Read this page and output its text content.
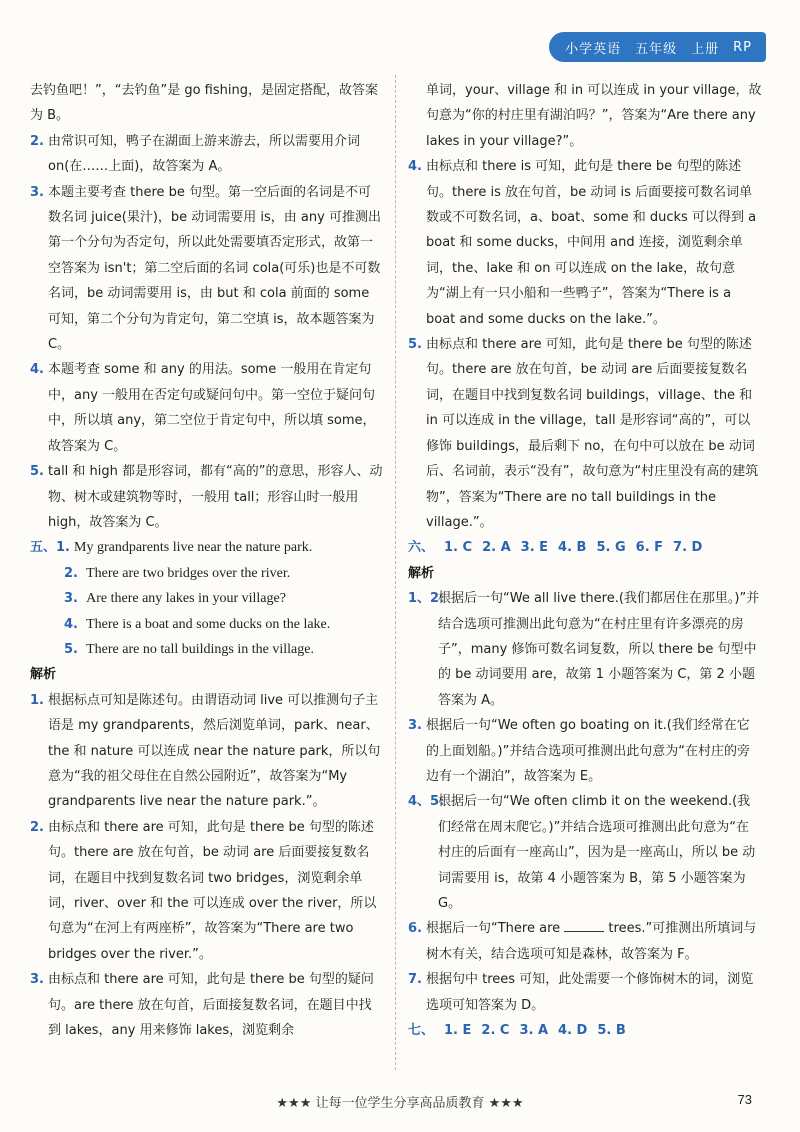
小学英语 五年级 上册 RP
去钓鱼吧！”，“去钓鱼”是 go fishing，是固定搭配，故答案为 B。
2. 由常识可知，鸭子在湖面上游来游去，所以需要用介词 on(在……上面)，故答案为 A。
3. 本题主要考查 there be 句型。第一空后面的名词是不可数名词 juice(果汁)，be 动词需要用 is，由 any 可推测出第一个分句为否定句，所以此处需要填否定形式，故第一空答案为 isn't；第二空后面的名词 cola(可乐)也是不可数名词，be 动词需要用 is，由 but 和 cola 前面的 some 可知，第二个分句为肯定句，第二空填 is，故本题答案为 C。
4. 本题考查 some 和 any 的用法。some 一般用在肯定句中，any 一般用在否定句或疑问句中。第一空位于疑问句中，所以填 any，第二空位于肯定句中，所以填 some，故答案为 C。
5. tall 和 high 都是形容词，都有“高的”的意思，形容人、动物、树木或建筑物等时，一般用 tall；形容山时一般用 high，故答案为 C。
五、 1. My grandparents live near the nature park.
2. There are two bridges over the river.
3. Are there any lakes in your village?
4. There is a boat and some ducks on the lake.
5. There are no tall buildings in the village.
解析
1. 根据标点可知是陈述句。由谓语动词 live 可以推测句子主语是 my grandparents，然后浏览单词，park、near、the 和 nature 可以连成 near the nature park，所以句意为“我的祖父母住在自然公园附近”，故答案为“My grandparents live near the nature park.”。
2. 由标点和 there are 可知，此句是 there be 句型的陈述句。there are 放在句首，be 动词 are 后面要接复数名词，在题目中找到复数名词 two bridges，浏览剩余单词，river、over 和 the 可以连成 over the river，所以句意为“在河上有两座桥”，故答案为“There are two bridges over the river.”。
3. 由标点和 there are 可知，此句是 there be 句型的疑问句。are there 放在句首，后面接复数名词，在题目中找到 lakes，any 用来修饰 lakes，浏览剩余
单词，your、village 和 in 可以连成 in your village，故句意为“你的村庄里有湖泊吗？”，答案为“Are there any lakes in your village?”。
4. 由标点和 there is 可知，此句是 there be 句型的陈述句。there is 放在句首，be 动词 is 后面要接可数名词单数或不可数名词，a、boat、some 和 ducks 可以得到 a boat 和 some ducks，中间用 and 连接，浏览剩余单词，the、lake 和 on 可以连成 on the lake，故句意为“湖上有一只小船和一些鸭子”，答案为“There is a boat and some ducks on the lake.”。
5. 由标点和 there are 可知，此句是 there be 句型的陈述句。there are 放在句首，be 动词 are 后面要接复数名词，在题目中找到复数名词 buildings，village、the 和 in 可以连成 in the village，tall 是形容词“高的”，可以修饰 buildings，最后剩下 no，在句中可以放在 be 动词后、名词前，表示“没有”，故句意为“村庄里没有高的建筑物”，答案为“There are no tall buildings in the village.”。
六、 1. C 2. A 3. E 4. B 5. G 6. F 7. D
解析
1、2.
根据后一句“We all live there.(我们都居住在那里。)”并结合选项可推测出此句意为“在村庄里有许多漂亮的房子”，many 修饰可数名词复数，所以 there be 句型中的 be 动词要用 are，故第 1 小题答案为 C，第 2 小题答案为 A。
3. 根据后一句“We often go boating on it.(我们经常在它的上面划船。)”并结合选项可推测出此句意为“在村庄的旁边有一个湖泊”，故答案为 E。
4、5.
根据后一句“We often climb it on the weekend.(我们经常在周末爬它。)”并结合选项可推测出此句意为“在村庄的后面有一座高山”，因为是一座高山，所以 be 动词需要用 is，故第 4 小题答案为 B，第 5 小题答案为 G。
6. 根据后一句“There are	trees.”可推测出所填词与树木有关，结合选项可知是森林，故答案为 F。
7. 根据句中 trees 可知，此处需要一个修饰树木的词，浏览选项可知答案为 D。
七、 1. E 2. C 3. A 4. D 5. B
★★★ 让每一位学生分享高品质教育 ★★★	73
